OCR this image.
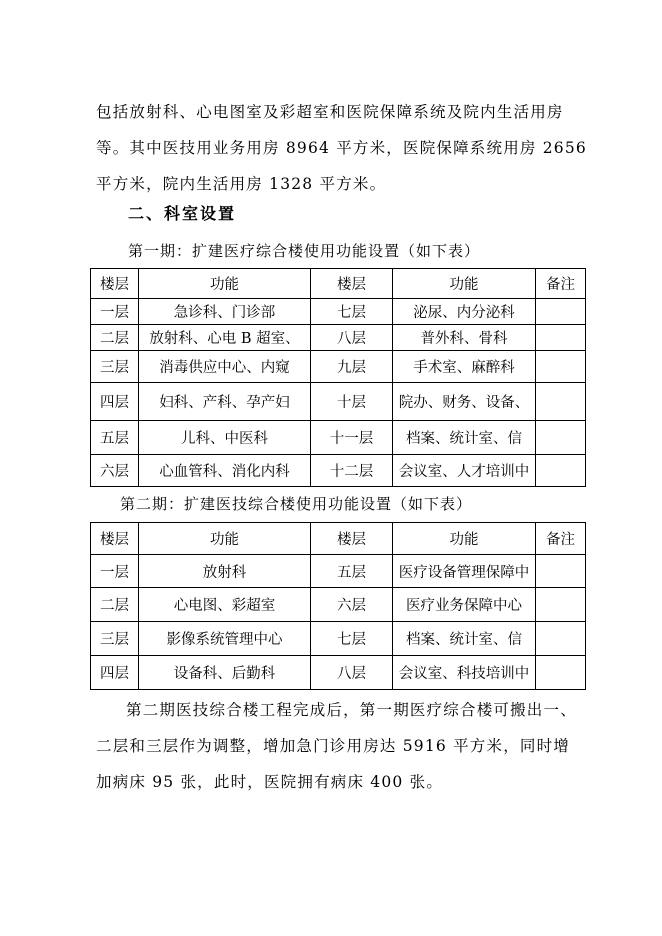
包括放射科、心电图室及彩超室和医院保障系统及院内生活用房
等。其中医技用业务用房 8964 平方米，医院保障系统用房 2656
平方米，院内生活用房 1328 平方米。
二、科室设置
第一期：扩建医疗综合楼使用功能设置（如下表）
楼层	功能	楼层	功能	备注
一层	急诊科、门诊部	七层	泌尿、内分泌科	
二层	放射科、心电 B 超室、	八层	普外科、骨科	
三层	消毒供应中心、内窥	九层	手术室、麻醉科	
四层	妇科、产科、孕产妇	十层	院办、财务、设备、	
五层	儿科、中医科	十一层	档案、统计室、信	
六层	心血管科、消化内科	十二层	会议室、人才培训中	
第二期：扩建医技综合楼使用功能设置（如下表）
楼层	功能	楼层	功能	备注
一层	放射科	五层	医疗设备管理保障中	
二层	心电图、彩超室	六层	医疗业务保障中心	
三层	影像系统管理中心	七层	档案、统计室、信	
四层	设备科、后勤科	八层	会议室、科技培训中	
第二期医技综合楼工程完成后，第一期医疗综合楼可搬出一、
二层和三层作为调整，增加急门诊用房达 5916 平方米，同时增
加病床 95 张，此时，医院拥有病床 400 张。
